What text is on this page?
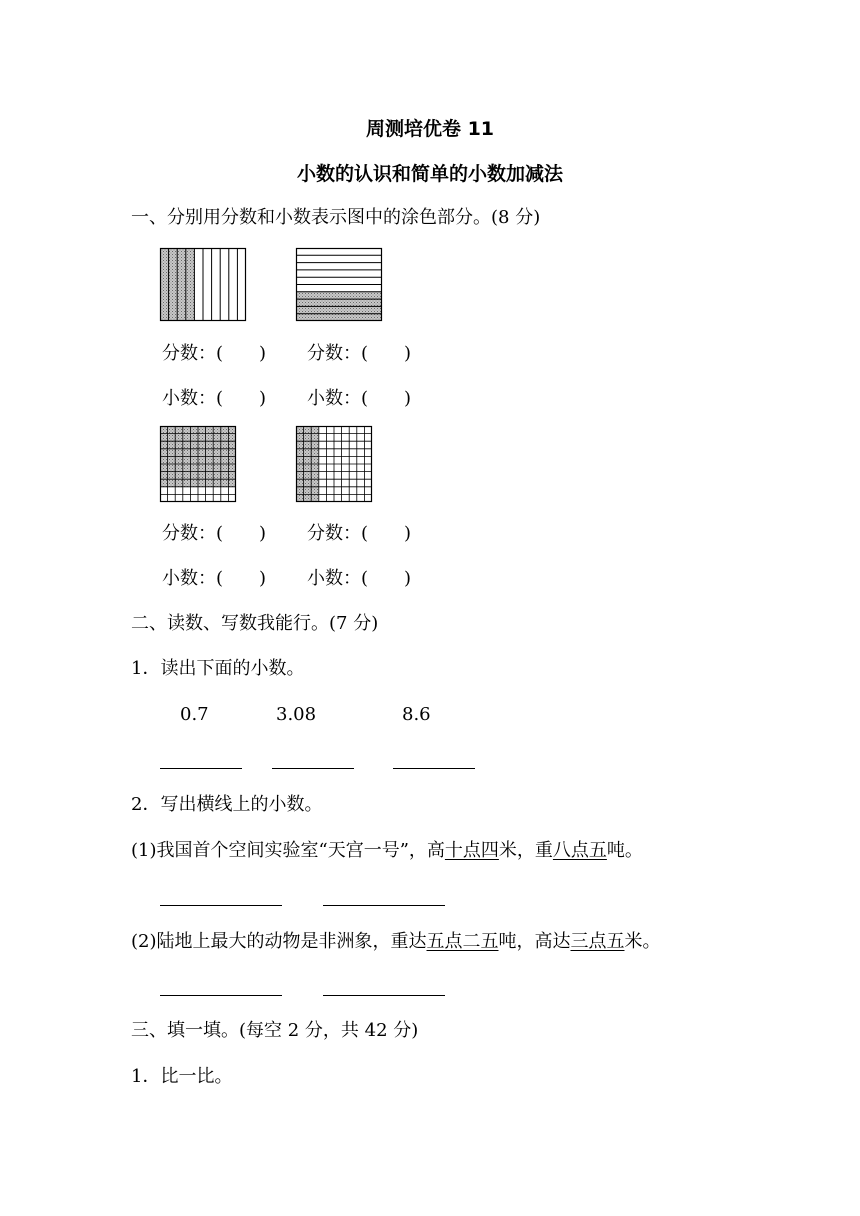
周测培优卷 11
小数的认识和简单的小数加减法
一、分别用分数和小数表示图中的涂色部分。(8 分)
分数：(　　) 分数：(　　)
小数：(　　) 小数：(　　)
分数：(　　) 分数：(　　)
小数：(　　) 小数：(　　)
二、读数、写数我能行。(7 分)
1．读出下面的小数。
0.7	3.08	8.6
2．写出横线上的小数。
(1)我国首个空间实验室“天宫一号”，高十点四米，重八点五吨。
(2)陆地上最大的动物是非洲象，重达五点二五吨，高达三点五米。
三、填一填。(每空 2 分，共 42 分)
1．比一比。
